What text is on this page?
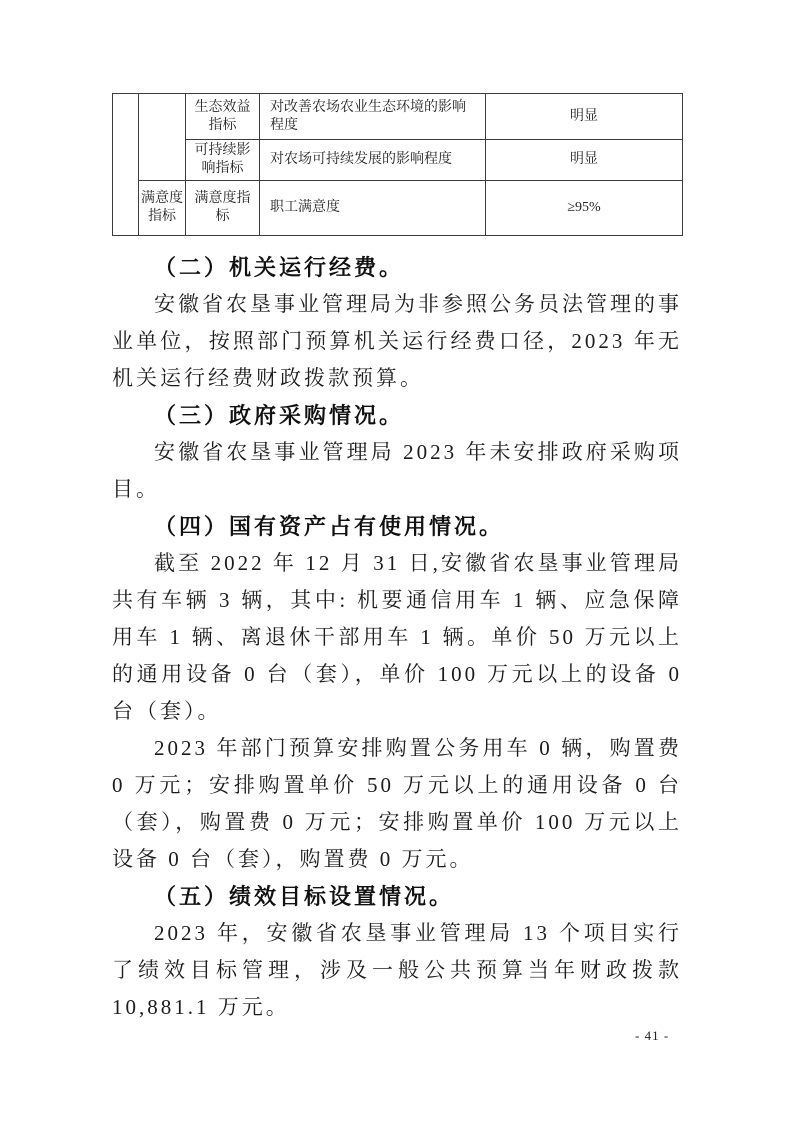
		生态效益指标	对改善农场农业生态环境的影响程度	明显
		可持续影响指标	对农场可持续发展的影响程度	明显
	满意度指标	满意度指标	职工满意度	≥95%
（二）机关运行经费。

安徽省农垦事业管理局为非参照公务员法管理的事业单位，按照部门预算机关运行经费口径，2023 年无机关运行经费财政拨款预算。

（三）政府采购情况。

安徽省农垦事业管理局 2023 年未安排政府采购项目。

（四）国有资产占有使用情况。

截至 2022 年 12 月 31 日,安徽省农垦事业管理局共有车辆 3 辆，其中: 机要通信用车 1 辆、应急保障用车 1 辆、离退休干部用车 1 辆。单价 50 万元以上的通用设备 0 台（套），单价 100 万元以上的设备 0 台（套）。

2023 年部门预算安排购置公务用车 0 辆，购置费 0 万元；安排购置单价 50 万元以上的通用设备 0 台（套），购置费 0 万元；安排购置单价 100 万元以上设备 0 台（套），购置费 0 万元。

（五）绩效目标设置情况。

2023 年，安徽省农垦事业管理局 13 个项目实行了绩效目标管理，涉及一般公共预算当年财政拨款 10,881.1 万元。

- 41 -
